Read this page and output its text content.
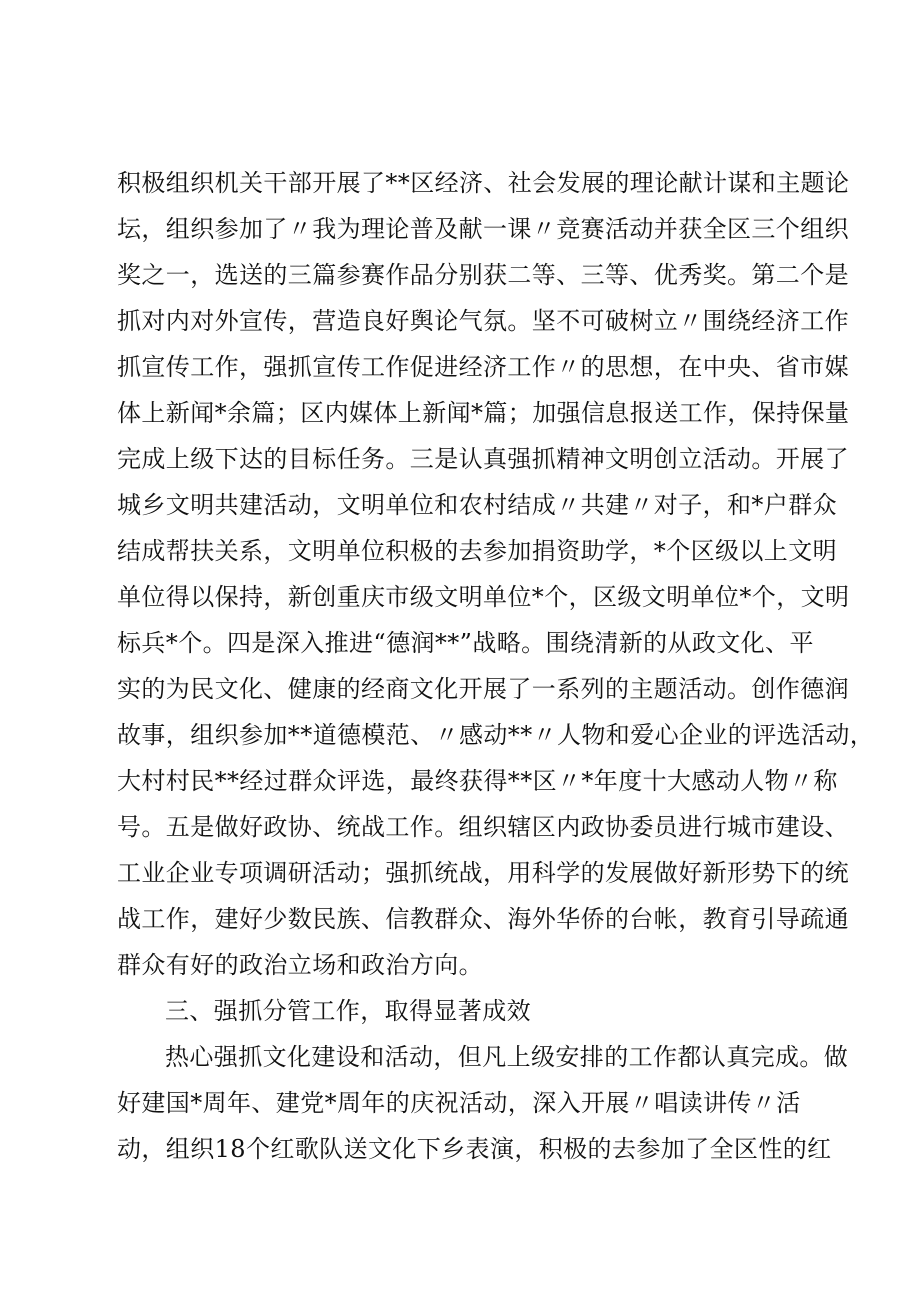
积极组织机关干部开展了**区经济、社会发展的理论献计谋和主题论
坛，组织参加了〃我为理论普及献一课〃竞赛活动并获全区三个组织
奖之一，选送的三篇参赛作品分别获二等、三等、优秀奖。第二个是
抓对内对外宣传，营造良好舆论气氛。坚不可破树立〃围绕经济工作
抓宣传工作，强抓宣传工作促进经济工作〃的思想，在中央、省市媒
体上新闻*余篇；区内媒体上新闻*篇；加强信息报送工作，保持保量
完成上级下达的目标任务。三是认真强抓精神文明创立活动。开展了
城乡文明共建活动，文明单位和农村结成〃共建〃对子，和*户群众
结成帮扶关系，文明单位积极的去参加捐资助学，*个区级以上文明
单位得以保持，新创重庆市级文明单位*个，区级文明单位*个，文明
标兵*个。四是深入推进“德润**”战略。围绕清新的从政文化、平
实的为民文化、健康的经商文化开展了一系列的主题活动。创作德润
故事，组织参加**道德模范、〃感动**〃人物和爱心企业的评选活动，
大村村民**经过群众评选，最终获得**区〃*年度十大感动人物〃称
号。五是做好政协、统战工作。组织辖区内政协委员进行城市建设、
工业企业专项调研活动；强抓统战，用科学的发展做好新形势下的统
战工作，建好少数民族、信教群众、海外华侨的台帐，教育引导疏通
群众有好的政治立场和政治方向。
三、强抓分管工作，取得显著成效
热心强抓文化建设和活动，但凡上级安排的工作都认真完成。做
好建国*周年、建党*周年的庆祝活动，深入开展〃唱读讲传〃活
动，组织18个红歌队送文化下乡表演，积极的去参加了全区性的红
